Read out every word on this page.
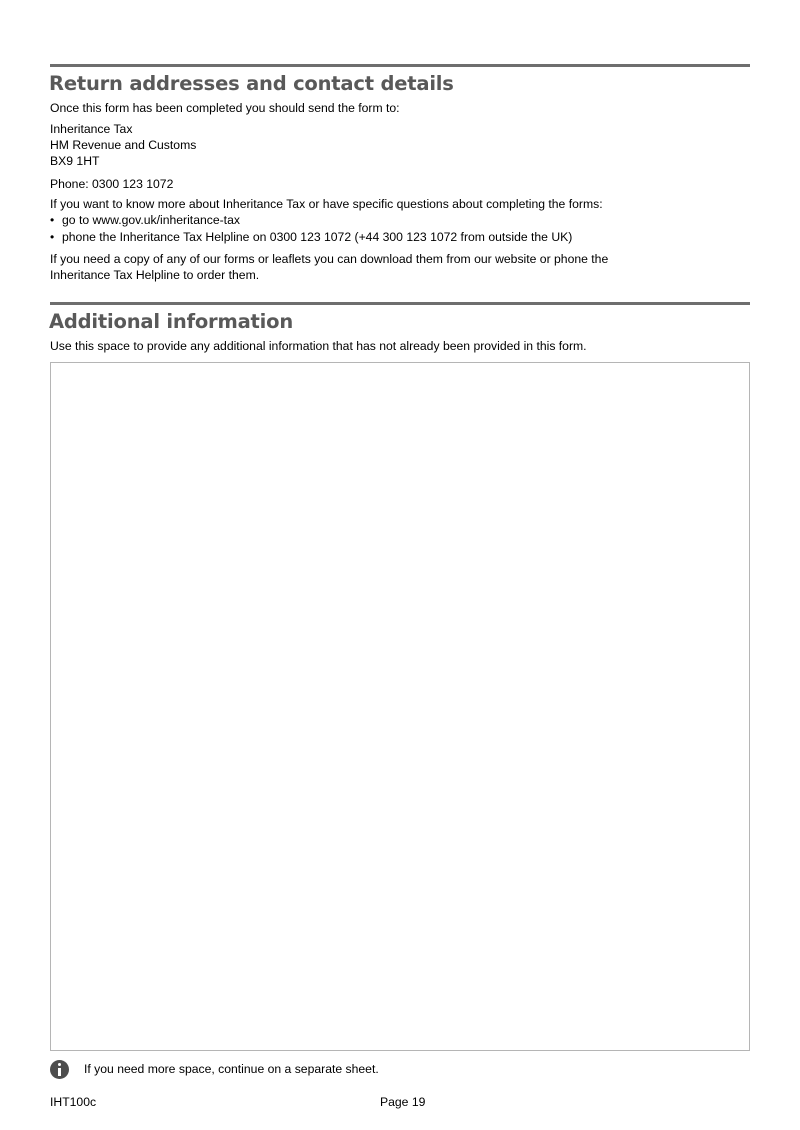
Return addresses and contact details

Once this form has been completed you should send the form to:

Inheritance Tax

HM Revenue and Customs

BX9 1HT

Phone: 0300 123 1072

If you want to know more about Inheritance Tax or have specific questions about completing the forms:

• go to www.gov.uk/inheritance-tax

• phone the Inheritance Tax Helpline on 0300 123 1072 (+44 300 123 1072 from outside the UK)

If you need a copy of any of our forms or leaflets you can download them from our website or phone the

Inheritance Tax Helpline to order them.

Additional information

Use this space to provide any additional information that has not already been provided in this form.

If you need more space, continue on a separate sheet.

IHT100c	Page 19
